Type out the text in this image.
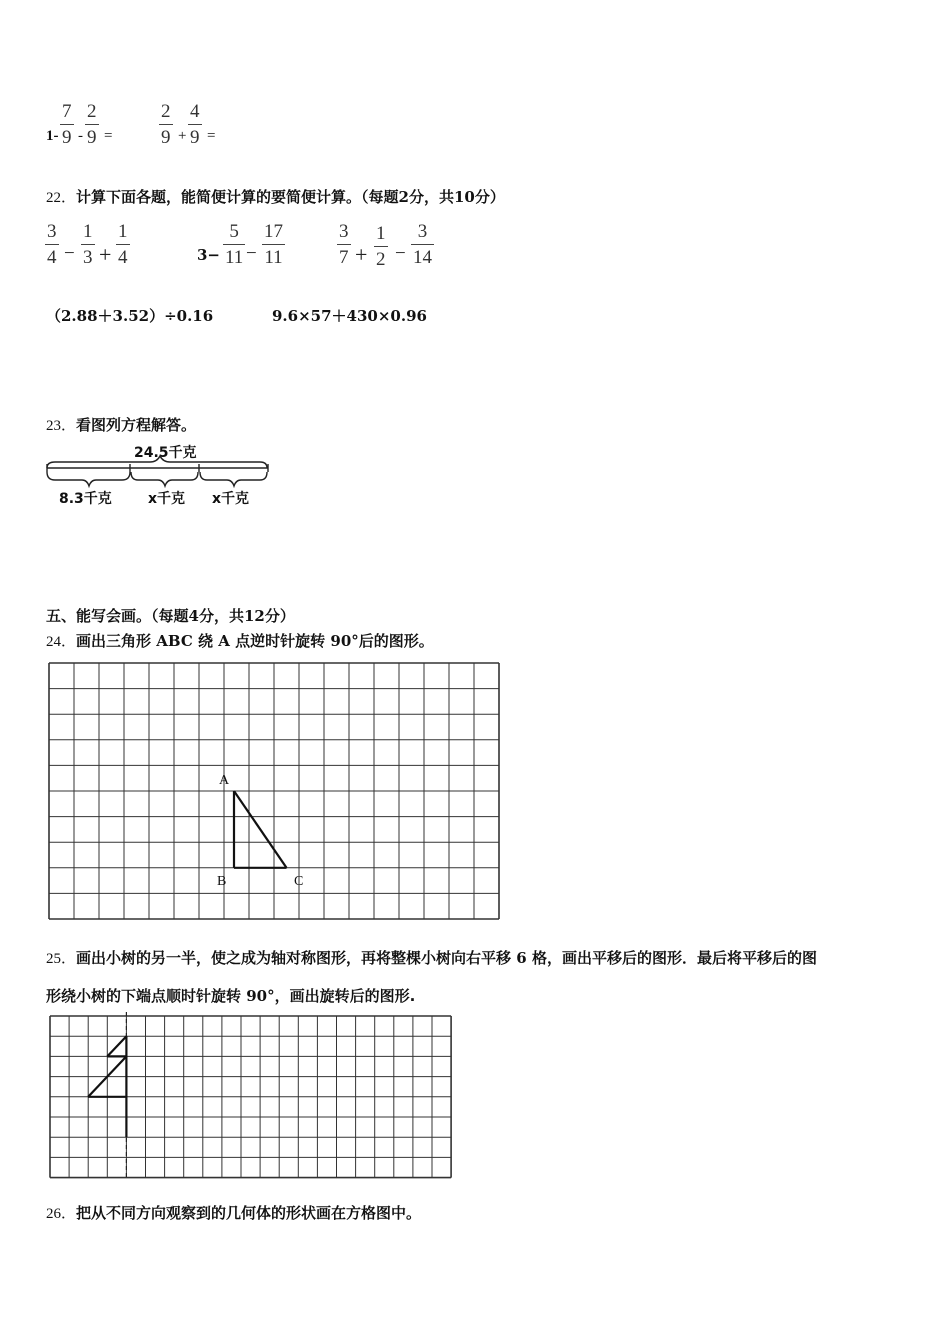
1-
7
9 -
2
9 =
2
9 +
4
9 =
22．计算下面各题，能简便计算的要简便计算。（每题2分，共10分）
3
4 −
1
3 +
1
4	3−
5
11 −
17
11
3
7 +
1
2 −
3
14
（2.88＋3.52）÷0.16	9.6×57＋430×0.96
23．看图列方程解答。
24.5千克
8.3千克	x千克 x千克
五、能写会画。（每题4分，共12分）
24．画出三角形 ABC 绕 A 点逆时针旋转 90°后的图形。
A
B	C
25．画出小树的另一半，使之成为轴对称图形，再将整棵小树向右平移 6 格，画出平移后的图形．最后将平移后的图
形绕小树的下端点顺时针旋转 90°，画出旋转后的图形.
26．把从不同方向观察到的几何体的形状画在方格图中。
